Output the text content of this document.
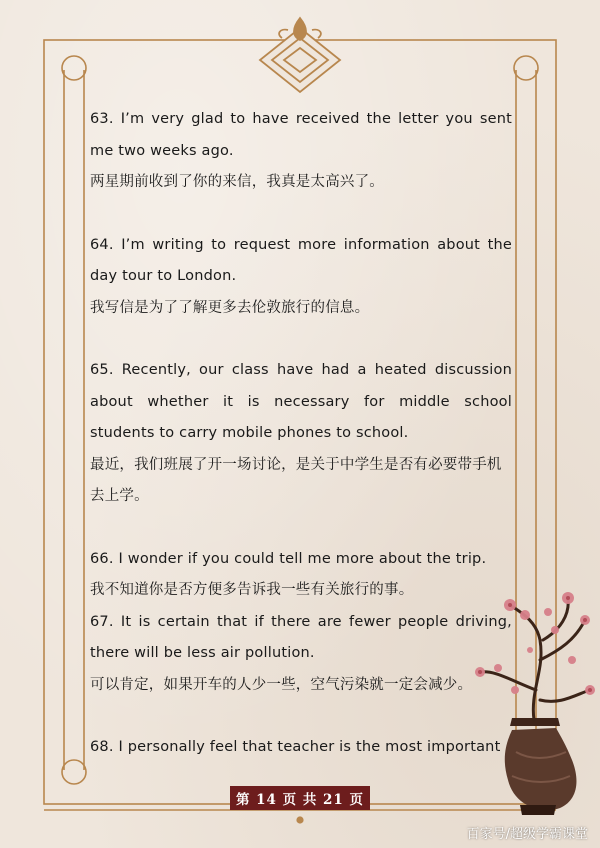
63. I’m very glad to have received the letter you sent me two weeks ago.
两星期前收到了你的来信，我真是太高兴了。
64. I’m writing to request more information about the day tour to London.
我写信是为了了解更多去伦敦旅行的信息。
65. Recently, our class have had a heated discussion about whether it is necessary for middle school students to carry mobile phones to school.
最近，我们班展了开一场讨论，是关于中学生是否有必要带手机去上学。
66. I wonder if you could tell me more about the trip.
我不知道你是否方便多告诉我一些有关旅行的事。
67. It is certain that if there are fewer people driving, there will be less air pollution.
可以肯定，如果开车的人少一些，空气污染就一定会减少。
68. I personally feel that teacher is the most important
第 14 页 共 21 页
百家号/超级学霸课堂
